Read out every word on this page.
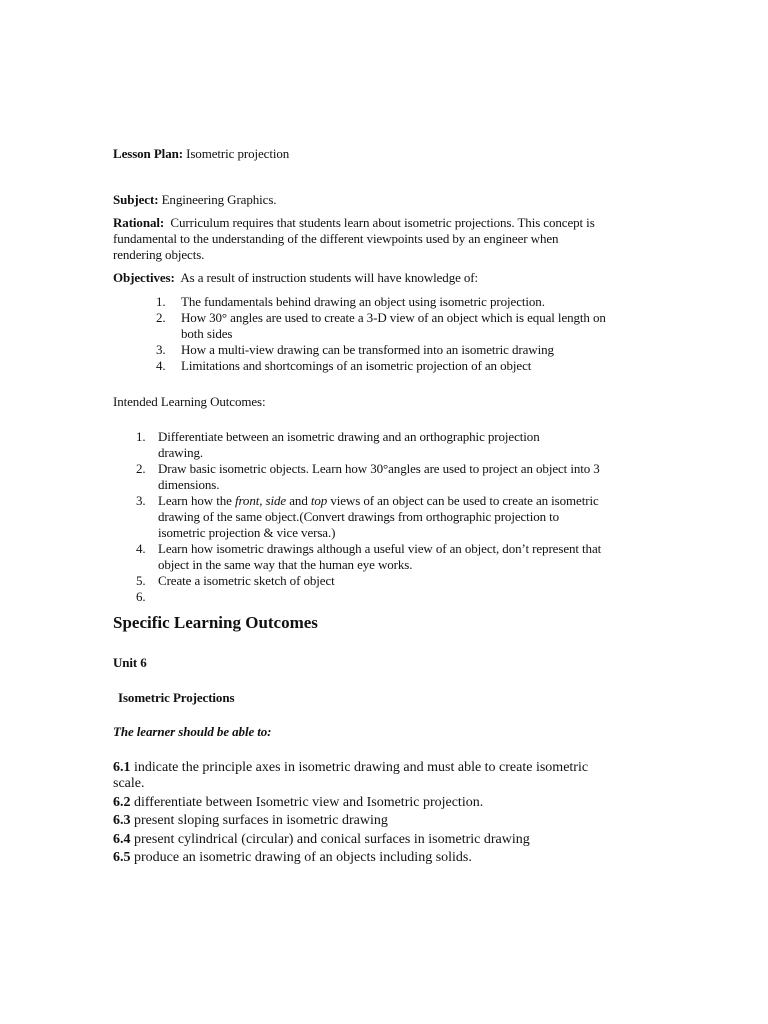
Lesson Plan: Isometric projection
Subject: Engineering Graphics.
Rational: Curriculum requires that students learn about isometric projections. This concept is
fundamental to the understanding of the different viewpoints used by an engineer when
rendering objects.
Objectives: As a result of instruction students will have knowledge of:
1. The fundamentals behind drawing an object using isometric projection.
2. How 30° angles are used to create a 3-D view of an object which is equal length on
both sides
3. How a multi-view drawing can be transformed into an isometric drawing
4. Limitations and shortcomings of an isometric projection of an object
Intended Learning Outcomes:
1. Differentiate between an isometric drawing and an orthographic projection
drawing.
2. Draw basic isometric objects. Learn how 30°angles are used to project an object into 3
dimensions.
3. Learn how the front, side and top views of an object can be used to create an isometric
drawing of the same object.(Convert drawings from orthographic projection to
isometric projection & vice versa.)
4. Learn how isometric drawings although a useful view of an object, don’t represent that
object in the same way that the human eye works.
5. Create a isometric sketch of object
6.

Specific Learning Outcomes
Unit 6
Isometric Projections
The learner should be able to:
6.1 indicate the principle axes in isometric drawing and must able to create isometric
scale.
6.2 differentiate between Isometric view and Isometric projection.
6.3 present sloping surfaces in isometric drawing
6.4 present cylindrical (circular) and conical surfaces in isometric drawing
6.5 produce an isometric drawing of an objects including solids.
